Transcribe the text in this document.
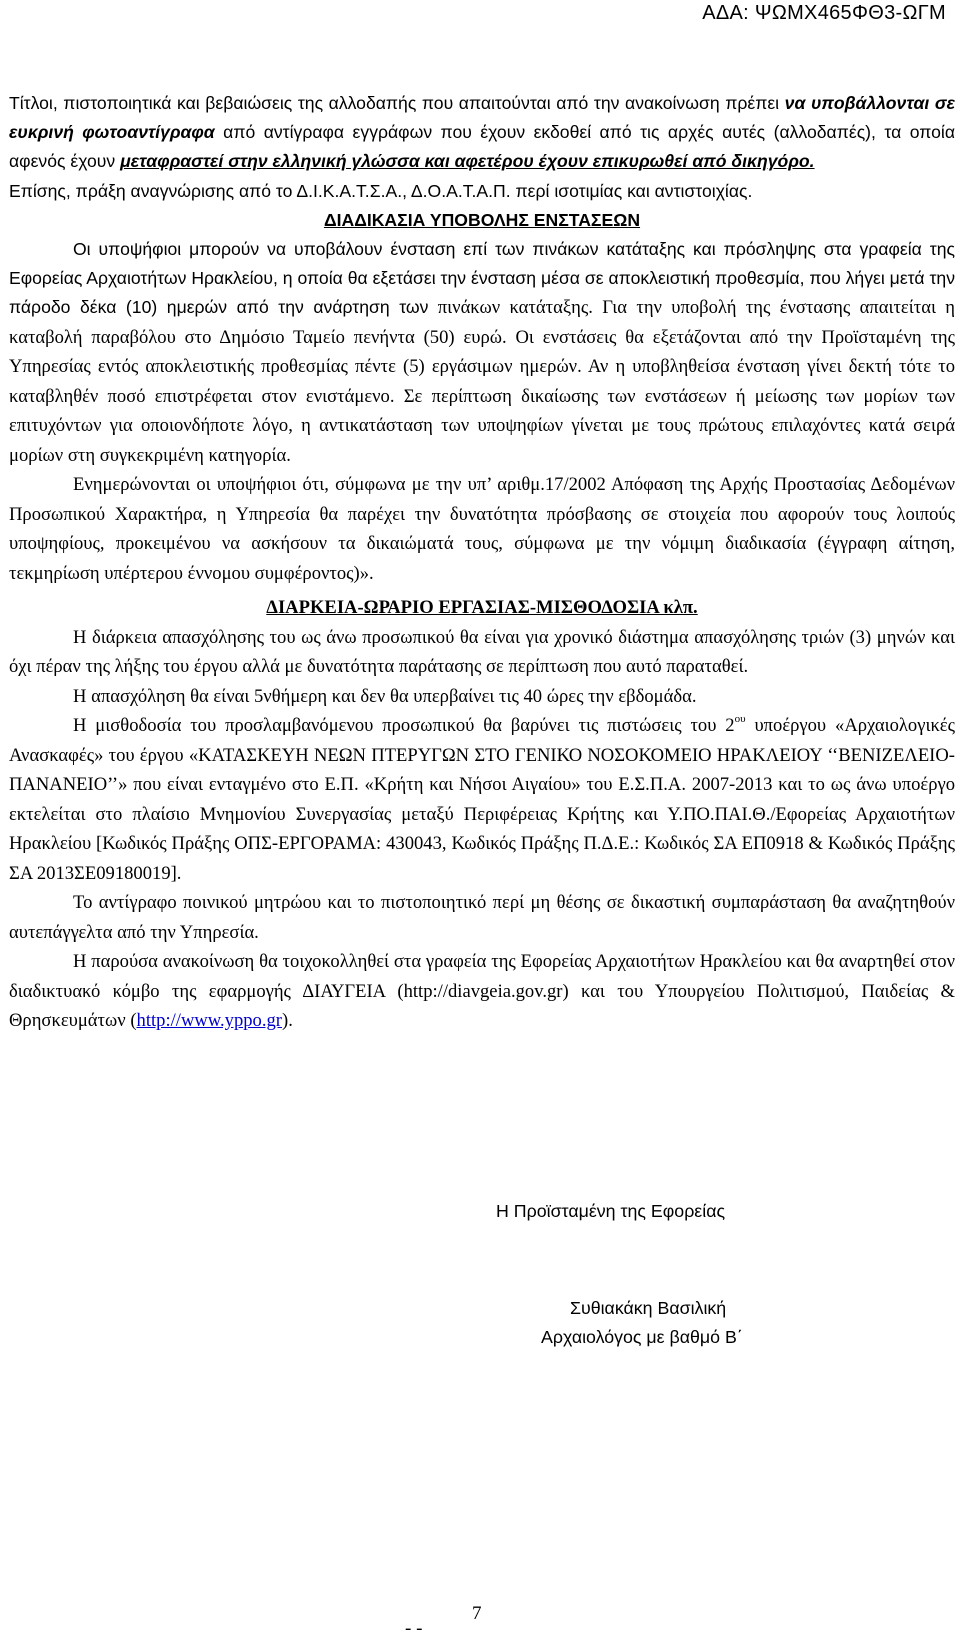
ΑΔΑ: ΨΩΜΧ465ΦΘ3-ΩΓΜ

Τίτλοι, πιστοποιητικά και βεβαιώσεις της αλλοδαπής που απαιτούνται από την ανακοίνωση πρέπει να υποβάλλονται σε ευκρινή φωτοαντίγραφα από αντίγραφα εγγράφων που έχουν εκδοθεί από τις αρχές αυτές (αλλοδαπές), τα οποία αφενός έχουν μεταφραστεί στην ελληνική γλώσσα και αφετέρου έχουν επικυρωθεί από δικηγόρο.

Επίσης, πράξη αναγνώρισης από το Δ.Ι.Κ.Α.Τ.Σ.Α., Δ.Ο.Α.Τ.Α.Π. περί ισοτιμίας και αντιστοιχίας.

ΔΙΑΔΙΚΑΣΙΑ ΥΠΟΒΟΛΗΣ ΕΝΣΤΑΣΕΩΝ

Οι υποψήφιοι μπορούν να υποβάλουν ένσταση επί των πινάκων κατάταξης και πρόσληψης στα γραφεία της Εφορείας Αρχαιοτήτων Ηρακλείου, η οποία θα εξετάσει την ένσταση μέσα σε αποκλειστική προθεσμία, που λήγει μετά την πάροδο δέκα (10) ημερών από την ανάρτηση των πινάκων κατάταξης. Για την υποβολή της ένστασης απαιτείται η καταβολή παραβόλου στο Δημόσιο Ταμείο πενήντα (50) ευρώ. Οι ενστάσεις θα εξετάζονται από την Προϊσταμένη της Υπηρεσίας εντός αποκλειστικής προθεσμίας πέντε (5) εργάσιμων ημερών. Αν η υποβληθείσα ένσταση γίνει δεκτή τότε το καταβληθέν ποσό επιστρέφεται στον ενιστάμενο. Σε περίπτωση δικαίωσης των ενστάσεων ή μείωσης των μορίων των επιτυχόντων για οποιονδήποτε λόγο, η αντικατάσταση των υποψηφίων γίνεται με τους πρώτους επιλαχόντες κατά σειρά μορίων στη συγκεκριμένη κατηγορία.

Ενημερώνονται οι υποψήφιοι ότι, σύμφωνα με την υπ’ αριθμ.17/2002 Απόφαση της Αρχής Προστασίας Δεδομένων Προσωπικού Χαρακτήρα, η Υπηρεσία θα παρέχει την δυνατότητα πρόσβασης σε στοιχεία που αφορούν τους λοιπούς υποψηφίους, προκειμένου να ασκήσουν τα δικαιώματά τους, σύμφωνα με την νόμιμη διαδικασία (έγγραφη αίτηση, τεκμηρίωση υπέρτερου έννομου συμφέροντος)».

ΔΙΑΡΚΕΙΑ-ΩΡΑΡΙΟ ΕΡΓΑΣΙΑΣ-ΜΙΣΘΟΔΟΣΙΑ κλπ.

Η διάρκεια απασχόλησης του ως άνω προσωπικού θα είναι για χρονικό διάστημα απασχόλησης τριών (3) μηνών και όχι πέραν της λήξης του έργου αλλά με δυνατότητα παράτασης σε περίπτωση που αυτό παραταθεί.

Η απασχόληση θα είναι 5νθήμερη και δεν θα υπερβαίνει τις 40 ώρες την εβδομάδα.

Η μισθοδοσία του προσλαμβανόμενου προσωπικού θα βαρύνει τις πιστώσεις του $2^{o\upsilon}$ υποέργου «Αρχαιολογικές Ανασκαφές» του έργου «ΚΑΤΑΣΚΕΥΗ ΝΕΩΝ ΠΤΕΡΥΓΩΝ ΣΤΟ ΓΕΝΙΚΟ ΝΟΣΟΚΟΜΕΙΟ ΗΡΑΚΛΕΙΟΥ ‘‘ΒΕΝΙΖΕΛΕΙΟ-ΠΑΝΑΝΕΙΟ’’» που είναι ενταγμένο στο Ε.Π. «Κρήτη και Νήσοι Αιγαίου» του Ε.Σ.Π.Α. 2007-2013 και το ως άνω υποέργο εκτελείται στο πλαίσιο Μνημονίου Συνεργασίας μεταξύ Περιφέρειας Κρήτης και Υ.ΠΟ.ΠΑΙ.Θ./Εφορείας Αρχαιοτήτων Ηρακλείου [Κωδικός Πράξης ΟΠΣ-ΕΡΓΟΡΑΜΑ: 430043, Κωδικός Πράξης Π.Δ.Ε.: Κωδικός ΣΑ ΕΠ0918 & Κωδικός Πράξης ΣΑ 2013ΣΕ09180019].

Το αντίγραφο ποινικού μητρώου και το πιστοποιητικό περί μη θέσης σε δικαστική συμπαράσταση θα αναζητηθούν αυτεπάγγελτα από την Υπηρεσία.

Η παρούσα ανακοίνωση θα τοιχοκολληθεί στα γραφεία της Εφορείας Αρχαιοτήτων Ηρακλείου και θα αναρτηθεί στον διαδικτυακό κόμβο της εφαρμογής ΔΙΑΥΓΕΙΑ (http://diavgeia.gov.gr) και του Υπουργείου Πολιτισμού, Παιδείας & Θρησκευμάτων (http://www.yppo.gr).

Η Προϊσταμένη της Εφορείας
Συθιακάκη Βασιλική
Αρχαιολόγος με βαθμό Β΄
- -
7
